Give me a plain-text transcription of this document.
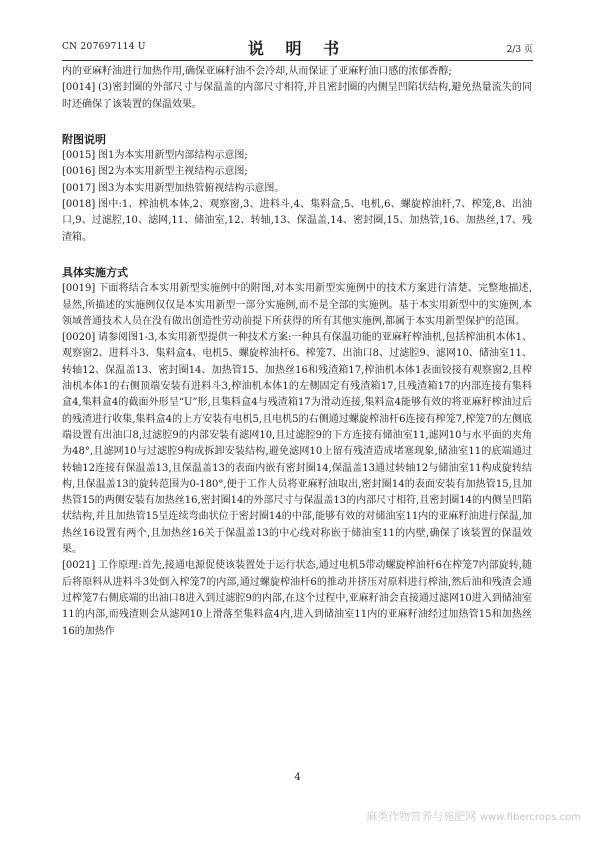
CN 207697114 U	说 明 书	2/3 页

内的亚麻籽油进行加热作用,确保亚麻籽油不会冷却,从而保证了亚麻籽油口感的浓郁香醇;

[0014] (3)密封圈的外部尺寸与保温盖的内部尺寸相符,并且密封圈的内侧呈凹陷状结构,避免热量流失的同时还确保了该装置的保温效果。

附图说明

[0015] 图1为本实用新型内部结构示意图;

[0016] 图2为本实用新型主视结构示意图;

[0017] 图3为本实用新型加热管俯视结构示意图。

[0018] 图中:1、榨油机本体,2、观察窗,3、进料斗,4、集料盒,5、电机,6、螺旋榨油杆,7、榨笼,8、出油口,9、过滤腔,10、滤网,11、储油室,12、转轴,13、保温盖,14、密封圈,15、加热管,16、加热丝,17、残渣箱。

具体实施方式

[0019] 下面将结合本实用新型实施例中的附图,对本实用新型实施例中的技术方案进行清楚、完整地描述,显然,所描述的实施例仅仅是本实用新型一部分实施例,而不是全部的实施例。基于本实用新型中的实施例,本领域普通技术人员在没有做出创造性劳动前提下所获得的所有其他实施例,都属于本实用新型保护的范围。

[0020] 请参阅图1-3,本实用新型提供一种技术方案:一种具有保温功能的亚麻籽榨油机,包括榨油机本体1、观察窗2、进料斗3、集料盒4、电机5、螺旋榨油杆6、榨笼7、出油口8、过滤腔9、滤网10、储油室11、转轴12、保温盖13、密封圈14、加热管15、加热丝16和残渣箱17,榨油机本体1表面铰接有观察窗2,且榨油机本体1的右侧顶端安装有进料斗3,榨油机本体1的左侧固定有残渣箱17,且残渣箱17的内部连接有集料盒4,集料盒4的截面外形呈“U”形,且集料盒4与残渣箱17为滑动连接,集料盒4能够有效的将亚麻籽榨油过后的残渣进行收集,集料盒4的上方安装有电机5,且电机5的右侧通过螺旋榨油杆6连接有榨笼7,榨笼7的左侧底端设置有出油口8,过滤腔9的内部安装有滤网10,且过滤腔9的下方连接有储油室11,滤网10与水平面的夹角为48°,且滤网10与过滤腔9构成拆卸安装结构,避免滤网10上留有残渣造成堵塞现象,储油室11的底端通过转轴12连接有保温盖13,且保温盖13的表面内嵌有密封圈14,保温盖13通过转轴12与储油室11构成旋转结构,且保温盖13的旋转范围为0-180°,便于工作人员将亚麻籽油取出,密封圈14的表面安装有加热管15,且加热管15的两侧安装有加热丝16,密封圈14的外部尺寸与保温盖13的内部尺寸相符,且密封圈14的内侧呈凹陷状结构,并且加热管15呈连续弯曲状位于密封圈14的中部,能够有效的对储油室11内的亚麻籽油进行保温,加热丝16设置有两个,且加热丝16关于保温盖13的中心线对称嵌于储油室11的内壁,确保了该装置的保温效果。

[0021] 工作原理:首先,接通电源促使该装置处于运行状态,通过电机5带动螺旋榨油杆6在榨笼7内部旋转,随后将原料从进料斗3处倒入榨笼7的内部,通过螺旋榨油杆6的推动并挤压对原料进行榨油,然后油和残渣会通过榨笼7右侧底端的出油口8进入到过滤腔9的内部,在这个过程中,亚麻籽油会直接通过滤网10进入到储油室11的内部,而残渣则会从滤网10上滑落至集料盒4内,进入到储油室11内的亚麻籽油经过加热管15和加热丝16的加热作

4
麻类作物营养与施肥网 www.fibercrops.com
